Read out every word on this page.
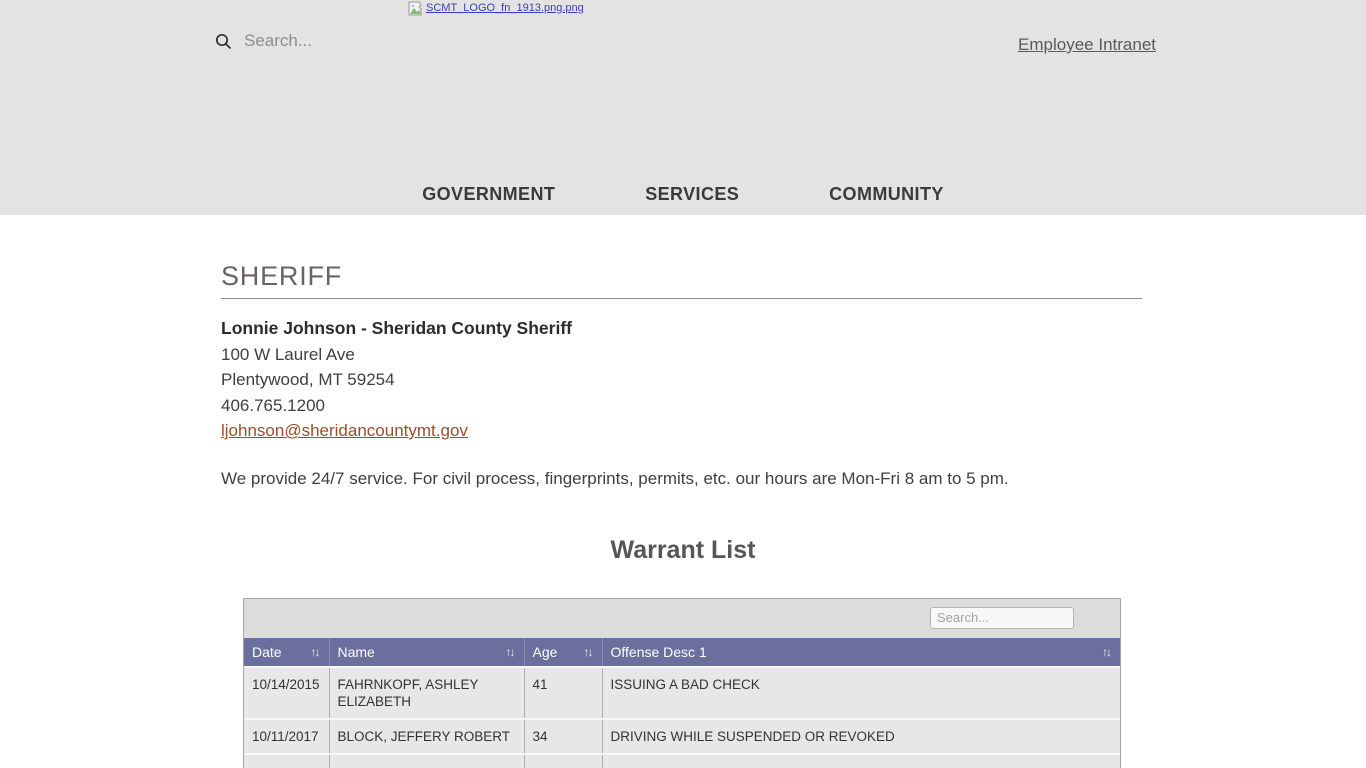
SCMT_LOGO_fn_1913.png.png
Search...
Employee Intranet
GOVERNMENT	SERVICES	COMMUNITY
SHERIFF
Lonnie Johnson - Sheridan County Sheriff
100 W Laurel Ave
Plentywood, MT 59254
406.765.1200
ljohnson@sheridancountymt.gov

We provide 24/7 service. For civil process, fingerprints, permits, etc. our hours are Mon-Fri 8 am to 5 pm.

Warrant List
Search...
Date ↑↓	Name ↑↓	Age ↑↓	Offense Desc 1 ↑↓

10/14/2015	FAHRNKOPF, ASHLEY ELIZABETH	41	ISSUING A BAD CHECK
10/11/2017	BLOCK, JEFFERY ROBERT	34	DRIVING WHILE SUSPENDED OR REVOKED
